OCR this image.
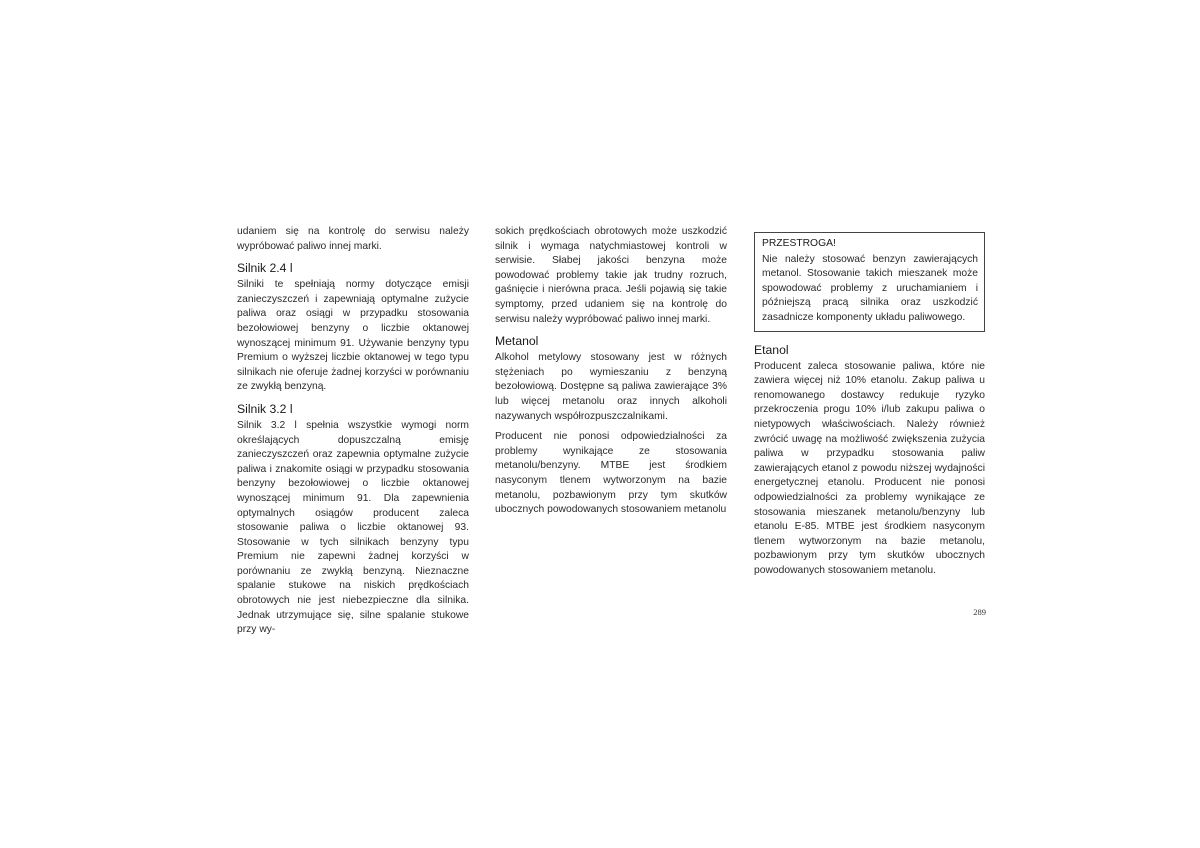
udaniem się na kontrolę do serwisu należy wypróbować paliwo innej marki.

Silnik 2.4 l

Silniki te spełniają normy dotyczące emisji zanieczyszczeń i zapewniają optymalne zużycie paliwa oraz osiągi w przypadku stosowania bezołowiowej benzyny o liczbie oktanowej wynoszącej minimum 91. Używanie benzyny typu Premium o wyższej liczbie oktanowej w tego typu silnikach nie oferuje żadnej korzyści w porównaniu ze zwykłą benzyną.

Silnik 3.2 l

Silnik 3.2 l spełnia wszystkie wymogi norm określających dopuszczalną emisję zanieczyszczeń oraz zapewnia optymalne zużycie paliwa i znakomite osiągi w przypadku stosowania benzyny bezołowiowej o liczbie oktanowej wynoszącej minimum 91. Dla zapewnienia optymalnych osiągów producent zaleca stosowanie paliwa o liczbie oktanowej 93. Stosowanie w tych silnikach benzyny typu Premium nie zapewni żadnej korzyści w porównaniu ze zwykłą benzyną. Nieznaczne spalanie stukowe na niskich prędkościach obrotowych nie jest niebezpieczne dla silnika. Jednak utrzymujące się, silne spalanie stukowe przy wy-

sokich prędkościach obrotowych może uszkodzić silnik i wymaga natychmiastowej kontroli w serwisie. Słabej jakości benzyna może powodować problemy takie jak trudny rozruch, gaśnięcie i nierówna praca. Jeśli pojawią się takie symptomy, przed udaniem się na kontrolę do serwisu należy wypróbować paliwo innej marki.

Metanol

Alkohol metylowy stosowany jest w różnych stężeniach po wymieszaniu z benzyną bezołowiową. Dostępne są paliwa zawierające 3% lub więcej metanolu oraz innych alkoholi nazywanych współrozpuszczalnikami.

Producent nie ponosi odpowiedzialności za problemy wynikające ze stosowania metanolu/benzyny. MTBE jest środkiem nasyconym tlenem wytworzonym na bazie metanolu, pozbawionym przy tym skutków ubocznych powodowanych stosowaniem metanolu

PRZESTROGA!

Nie należy stosować benzyn zawierających metanol. Stosowanie takich mieszanek może spowodować problemy z uruchamianiem i późniejszą pracą silnika oraz uszkodzić zasadnicze komponenty układu paliwowego.

Etanol

Producent zaleca stosowanie paliwa, które nie zawiera więcej niż 10% etanolu. Zakup paliwa u renomowanego dostawcy redukuje ryzyko przekroczenia progu 10% i/lub zakupu paliwa o nietypowych właściwościach. Należy również zwrócić uwagę na możliwość zwiększenia zużycia paliwa w przypadku stosowania paliw zawierających etanol z powodu niższej wydajności energetycznej etanolu. Producent nie ponosi odpowiedzialności za problemy wynikające ze stosowania mieszanek metanolu/benzyny lub etanolu E-85. MTBE jest środkiem nasyconym tlenem wytworzonym na bazie metanolu, pozbawionym przy tym skutków ubocznych powodowanych stosowaniem metanolu.

289
